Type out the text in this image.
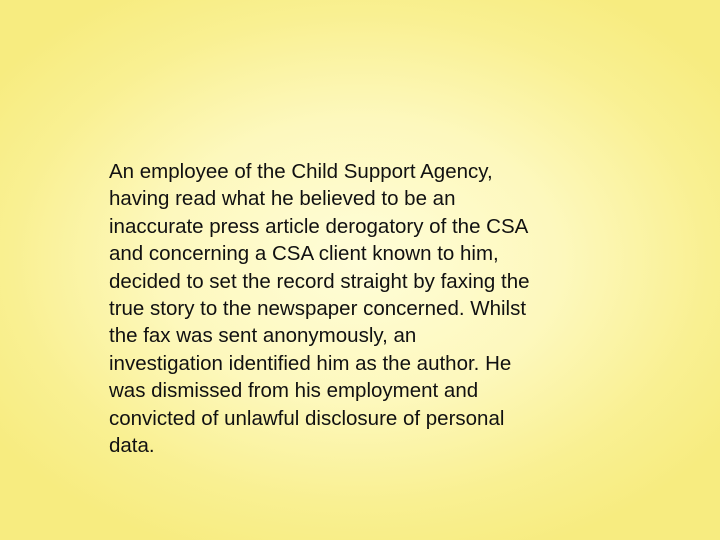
An employee of the Child Support Agency,
having read what he believed to be an
inaccurate press article derogatory of the CSA
and concerning a CSA client known to him,
decided to set the record straight by faxing the
true story to the newspaper concerned. Whilst
the fax was sent anonymously, an
investigation identified him as the author. He
was dismissed from his employment and
convicted of unlawful disclosure of personal
data.
